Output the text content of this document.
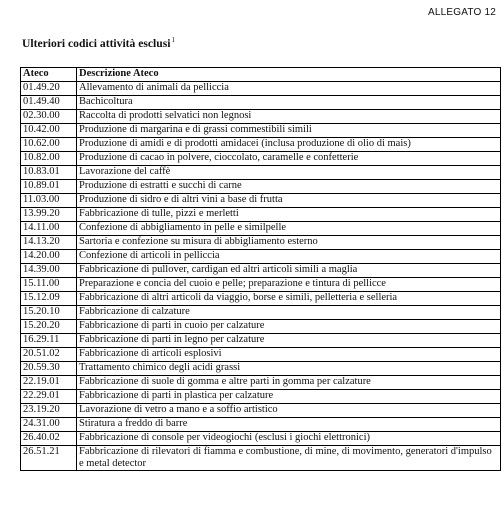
ALLEGATO 12
Ulteriori codici attività esclusi$^1$
Ateco	Descrizione Ateco
01.49.20	Allevamento di animali da pelliccia
01.49.40	Bachicoltura
02.30.00	Raccolta di prodotti selvatici non legnosi
10.42.00	Produzione di margarina e di grassi commestibili simili
10.62.00	Produzione di amidi e di prodotti amidacei (inclusa produzione di olio di mais)
10.82.00	Produzione di cacao in polvere, cioccolato, caramelle e confetterie
10.83.01	Lavorazione del caffè
10.89.01	Produzione di estratti e succhi di carne
11.03.00	Produzione di sidro e di altri vini a base di frutta
13.99.20	Fabbricazione di tulle, pizzi e merletti
14.11.00	Confezione di abbigliamento in pelle e similpelle
14.13.20	Sartoria e confezione su misura di abbigliamento esterno
14.20.00	Confezione di articoli in pelliccia
14.39.00	Fabbricazione di pullover, cardigan ed altri articoli simili a maglia
15.11.00	Preparazione e concia del cuoio e pelle; preparazione e tintura di pellicce
15.12.09	Fabbricazione di altri articoli da viaggio, borse e simili, pelletteria e selleria
15.20.10	Fabbricazione di calzature
15.20.20	Fabbricazione di parti in cuoio per calzature
16.29.11	Fabbricazione di parti in legno per calzature
20.51.02	Fabbricazione di articoli esplosivi
20.59.30	Trattamento chimico degli acidi grassi
22.19.01	Fabbricazione di suole di gomma e altre parti in gomma per calzature
22.29.01	Fabbricazione di parti in plastica per calzature
23.19.20	Lavorazione di vetro a mano e a soffio artistico
24.31.00	Stiratura a freddo di barre
26.40.02	Fabbricazione di console per videogiochi (esclusi i giochi elettronici)
26.51.21	Fabbricazione di rilevatori di fiamma e combustione, di mine, di movimento, generatori d'impulso e metal detector
